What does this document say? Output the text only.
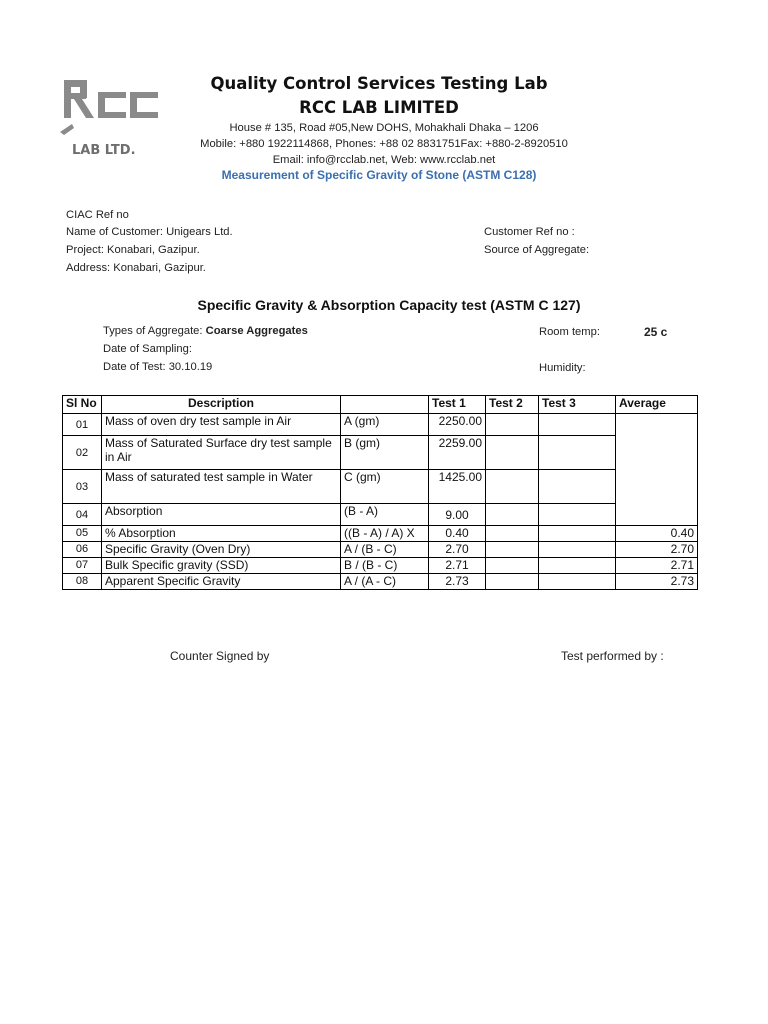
LAB LTD.
Quality Control Services Testing Lab
RCC LAB LIMITED
House # 135, Road #05,New DOHS, Mohakhali Dhaka – 1206
Mobile: +880 1922114868, Phones: +88 02 8831751Fax: +880-2-8920510
Email: info@rcclab.net, Web: www.rcclab.net
Measurement of Specific Gravity of Stone (ASTM C128)
CIAC Ref no
Name of Customer: Unigears Ltd.
Project: Konabari, Gazipur.
Address: Konabari, Gazipur.
Customer Ref no :
Source of Aggregate:
Specific Gravity & Absorption Capacity test (ASTM C 127)
Types of Aggregate: Coarse Aggregates
Date of Sampling:
Date of Test: 30.10.19
Room temp:	25 c
Humidity:
Sl No	Description		Test 1	Test 2	Test 3	Average
01	Mass of oven dry test sample in Air	A (gm)	2250.00			
02	Mass of Saturated Surface dry test sample in Air	B (gm)	2259.00			
03	Mass of saturated test sample in Water	C (gm)	1425.00			
04	Absorption	(B - A)	9.00			
05	% Absorption	((B - A) / A) X	0.40			0.40
06	Specific Gravity (Oven Dry)	A / (B - C)	2.70			2.70
07	Bulk Specific gravity (SSD)	B / (B - C)	2.71			2.71
08	Apparent Specific Gravity	A / (A - C)	2.73			2.73
Counter Signed by	Test performed by :
